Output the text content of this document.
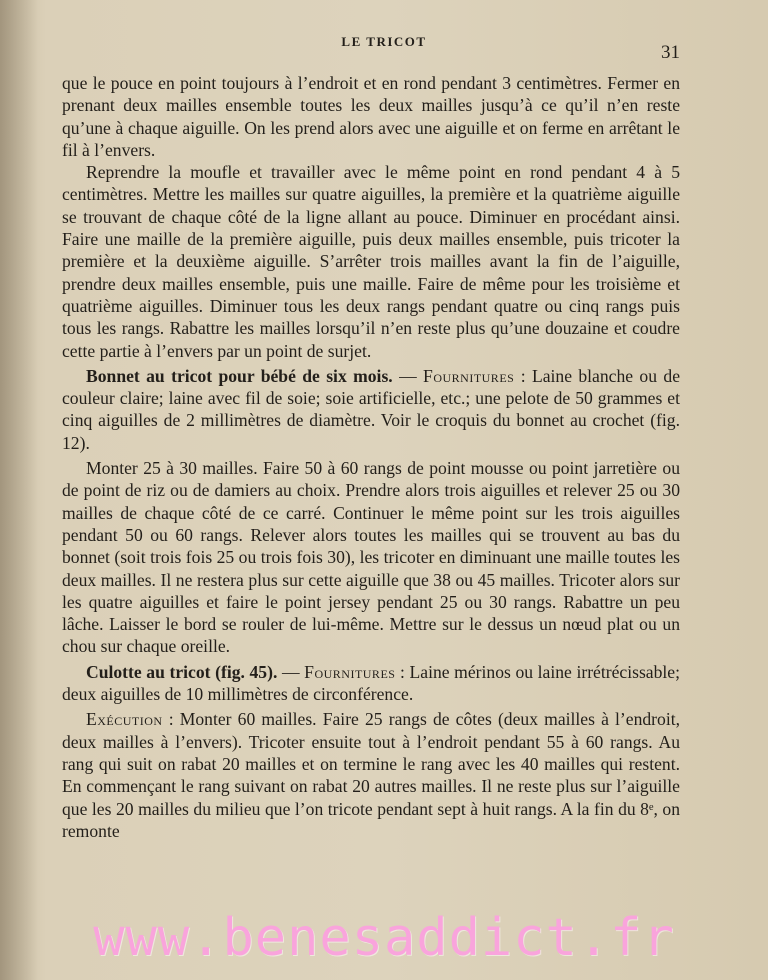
LE TRICOT
31

que le pouce en point toujours à l’endroit et en rond pendant 3 centimètres. Fermer en prenant deux mailles ensemble toutes les deux mailles jusqu’à ce qu’il n’en reste qu’une à chaque aiguille. On les prend alors avec une aiguille et on ferme en arrêtant le fil à l’envers.

Reprendre la moufle et travailler avec le même point en rond pendant 4 à 5 centimètres. Mettre les mailles sur quatre aiguilles, la première et la quatrième aiguille se trouvant de chaque côté de la ligne allant au pouce. Diminuer en procédant ainsi. Faire une maille de la première aiguille, puis deux mailles ensemble, puis tricoter la première et la deuxième aiguille. S’arrêter trois mailles avant la fin de l’aiguille, prendre deux mailles ensemble, puis une maille. Faire de même pour les troisième et quatrième aiguilles. Diminuer tous les deux rangs pendant quatre ou cinq rangs puis tous les rangs. Rabattre les mailles lorsqu’il n’en reste plus qu’une douzaine et coudre cette partie à l’envers par un point de surjet.

Bonnet au tricot pour bébé de six mois. — Fournitures : Laine blanche ou de couleur claire; laine avec fil de soie; soie artificielle, etc.; une pelote de 50 grammes et cinq aiguilles de 2 millimètres de diamètre. Voir le croquis du bonnet au crochet (fig. 12).

Monter 25 à 30 mailles. Faire 50 à 60 rangs de point mousse ou point jarretière ou de point de riz ou de damiers au choix. Prendre alors trois aiguilles et relever 25 ou 30 mailles de chaque côté de ce carré. Continuer le même point sur les trois aiguilles pendant 50 ou 60 rangs. Relever alors toutes les mailles qui se trouvent au bas du bonnet (soit trois fois 25 ou trois fois 30), les tricoter en diminuant une maille toutes les deux mailles. Il ne restera plus sur cette aiguille que 38 ou 45 mailles. Tricoter alors sur les quatre aiguilles et faire le point jersey pendant 25 ou 30 rangs. Rabattre un peu lâche. Laisser le bord se rouler de lui-même. Mettre sur le dessus un nœud plat ou un chou sur chaque oreille.

Culotte au tricot (fig. 45). — Fournitures : Laine mérinos ou laine irrétrécissable; deux aiguilles de 10 millimètres de circonférence.

Exécution : Monter 60 mailles. Faire 25 rangs de côtes (deux mailles à l’endroit, deux mailles à l’envers). Tricoter ensuite tout à l’endroit pendant 55 à 60 rangs. Au rang qui suit on rabat 20 mailles et on termine le rang avec les 40 mailles qui restent. En commençant le rang suivant on rabat 20 autres mailles. Il ne reste plus sur l’aiguille que les 20 mailles du milieu que l’on tricote pendant sept à huit rangs. A la fin du 8ᵉ, on remonte

www.benesaddict.fr
